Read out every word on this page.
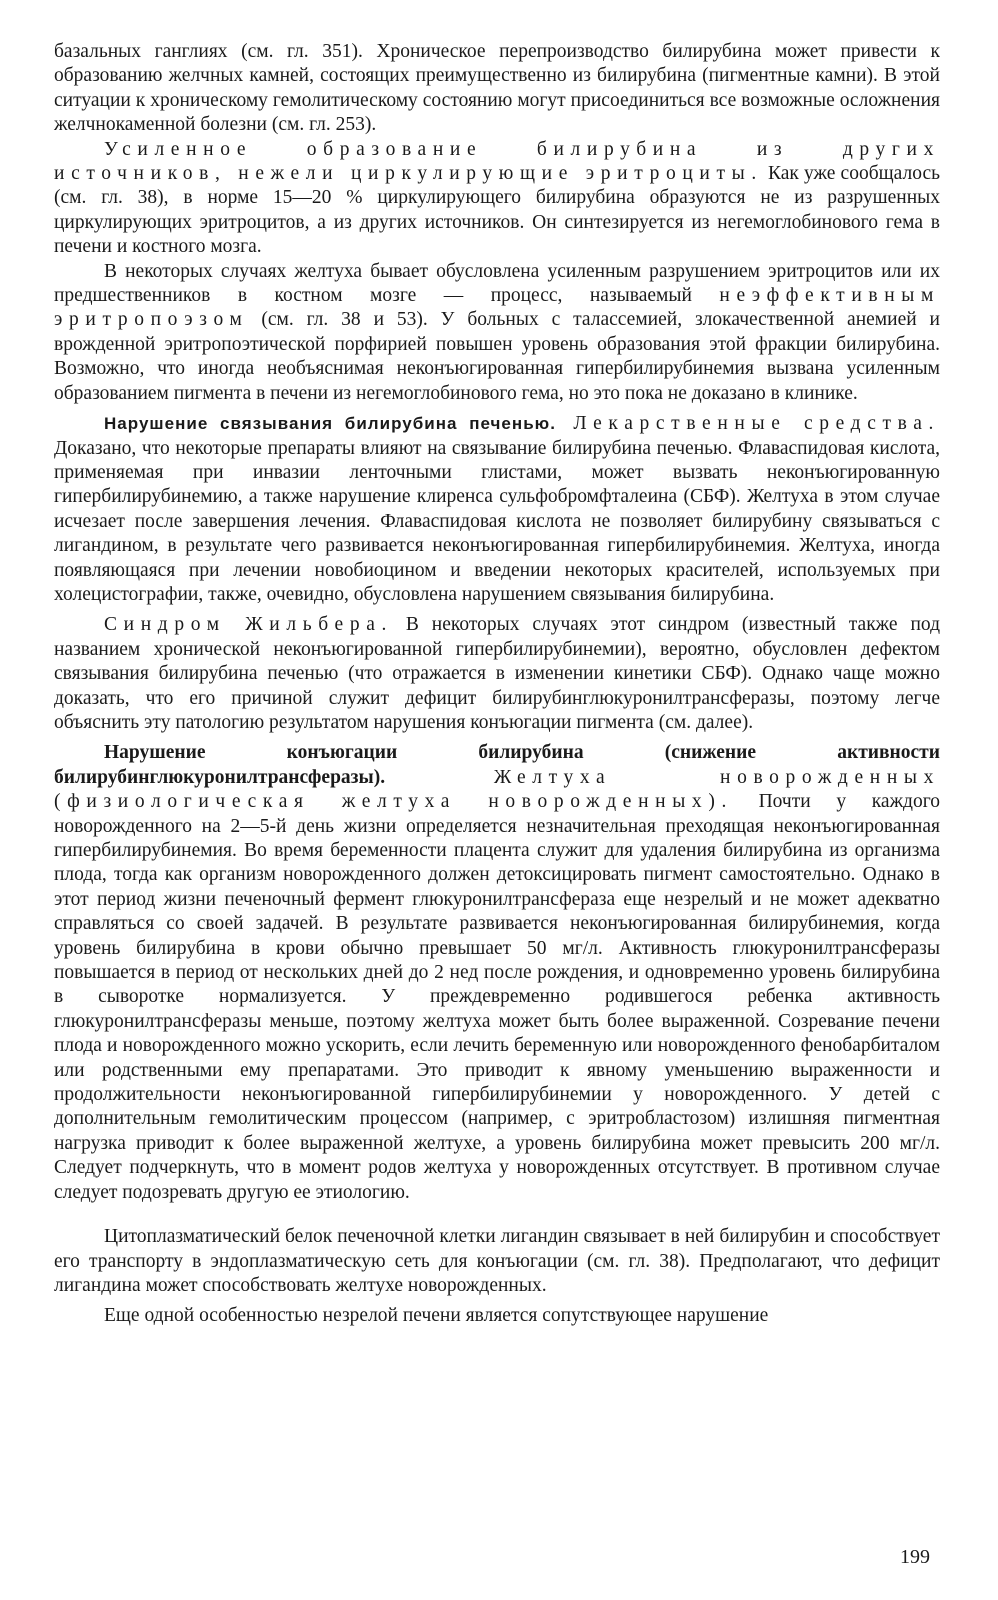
базальных ганглиях (см. гл. 351). Хроническое перепроизводство билирубина может привести к образованию желчных камней, состоящих преимущественно из билирубина (пигментные камни). В этой ситуации к хроническому гемолитическому состоянию могут присоединиться все возможные осложнения желчнокаменной болезни (см. гл. 253).

Усиленное образование билирубина из других источников, нежели циркулирующие эритроциты. Как уже сообщалось (см. гл. 38), в норме 15—20 % циркулирующего билирубина образуются не из разрушенных циркулирующих эритроцитов, а из других источников. Он синтезируется из негемоглобинового гема в печени и костного мозга.

В некоторых случаях желтуха бывает обусловлена усиленным разрушением эритроцитов или их предшественников в костном мозге — процесс, называемый неэффективным эритропоэзом (см. гл. 38 и 53). У больных с талассемией, злокачественной анемией и врожденной эритропоэтической порфирией повышен уровень образования этой фракции билирубина. Возможно, что иногда необъяснимая неконъюгированная гипербилирубинемия вызвана усиленным образованием пигмента в печени из негемоглобинового гема, но это пока не доказано в клинике.

Нарушение связывания билирубина печенью. Лекарственные средства. Доказано, что некоторые препараты влияют на связывание билирубина печенью. Флаваспидовая кислота, применяемая при инвазии ленточными глистами, может вызвать неконъюгированную гипербилирубинемию, а также нарушение клиренса сульфобромфталеина (СБФ). Желтуха в этом случае исчезает после завершения лечения. Флаваспидовая кислота не позволяет билирубину связываться с лигандином, в результате чего развивается неконъюгированная гипербилирубинемия. Желтуха, иногда появляющаяся при лечении новобиоцином и введении некоторых красителей, используемых при холецистографии, также, очевидно, обусловлена нарушением связывания билирубина.

Синдром Жильбера. В некоторых случаях этот синдром (известный также под названием хронической неконъюгированной гипербилирубинемии), вероятно, обусловлен дефектом связывания билирубина печенью (что отражается в изменении кинетики СБФ). Однако чаще можно доказать, что его причиной служит дефицит билирубинглюкуронилтрансферазы, поэтому легче объяснить эту патологию результатом нарушения конъюгации пигмента (см. далее).

Нарушение конъюгации билирубина (снижение активности билирубинглюкуронилтрансферазы). Желтуха новорожденных (физиологическая желтуха новорожденных). Почти у каждого новорожденного на 2—5-й день жизни определяется незначительная преходящая неконъюгированная гипербилирубинемия. Во время беременности плацента служит для удаления билирубина из организма плода, тогда как организм новорожденного должен детоксицировать пигмент самостоятельно. Однако в этот период жизни печеночный фермент глюкуронилтрансфераза еще незрелый и не может адекватно справляться со своей задачей. В результате развивается неконъюгированная билирубинемия, когда уровень билирубина в крови обычно превышает 50 мг/л. Активность глюкуронилтрансферазы повышается в период от нескольких дней до 2 нед после рождения, и одновременно уровень билирубина в сыворотке нормализуется. У преждевременно родившегося ребенка активность глюкуронилтрансферазы меньше, поэтому желтуха может быть более выраженной. Созревание печени плода и новорожденного можно ускорить, если лечить беременную или новорожденного фенобарбиталом или родственными ему препаратами. Это приводит к явному уменьшению выраженности и продолжительности неконъюгированной гипербилирубинемии у новорожденного. У детей с дополнительным гемолитическим процессом (например, с эритробластозом) излишняя пигментная нагрузка приводит к более выраженной желтухе, а уровень билирубина может превысить 200 мг/л. Следует подчеркнуть, что в момент родов желтуха у новорожденных отсутствует. В противном случае следует подозревать другую ее этиологию.

Цитоплазматический белок печеночной клетки лигандин связывает в ней билирубин и способствует его транспорту в эндоплазматическую сеть для конъюгации (см. гл. 38). Предполагают, что дефицит лигандина может способствовать желтухе новорожденных.

Еще одной особенностью незрелой печени является сопутствующее нарушение

199
